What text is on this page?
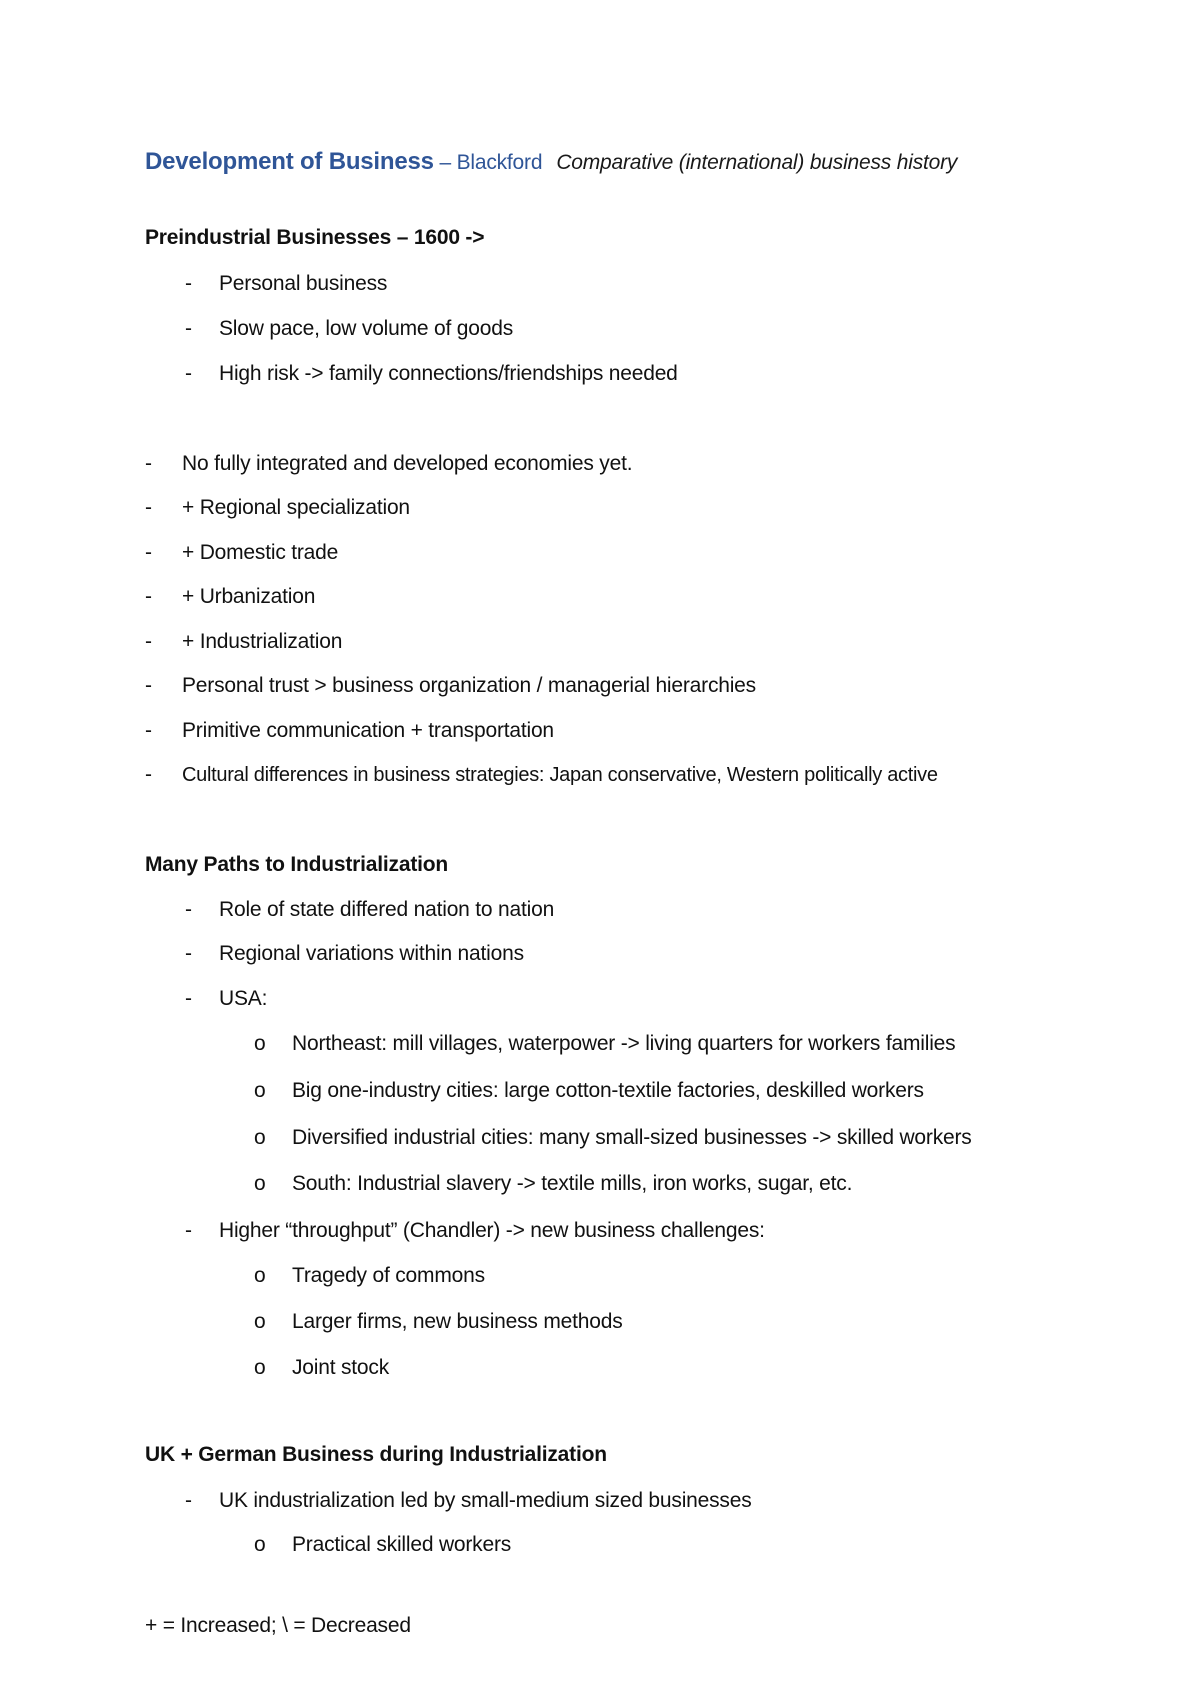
Development of Business – Blackford Comparative (international) business history
Preindustrial Businesses – 1600 ->
- Personal business
- Slow pace, low volume of goods
- High risk -> family connections/friendships needed
- No fully integrated and developed economies yet.
- + Regional specialization
- + Domestic trade
- + Urbanization
- + Industrialization
- Personal trust > business organization / managerial hierarchies
- Primitive communication + transportation
- Cultural differences in business strategies: Japan conservative, Western politically active
Many Paths to Industrialization
- Role of state differed nation to nation
- Regional variations within nations
- USA:
o Northeast: mill villages, waterpower -> living quarters for workers families
o Big one-industry cities: large cotton-textile factories, deskilled workers
o Diversified industrial cities: many small-sized businesses -> skilled workers
o South: Industrial slavery -> textile mills, iron works, sugar, etc.
- Higher “throughput” (Chandler) -> new business challenges:
o Tragedy of commons
o Larger firms, new business methods
o Joint stock
UK + German Business during Industrialization
- UK industrialization led by small-medium sized businesses
o Practical skilled workers
+ = Increased; \ = Decreased
